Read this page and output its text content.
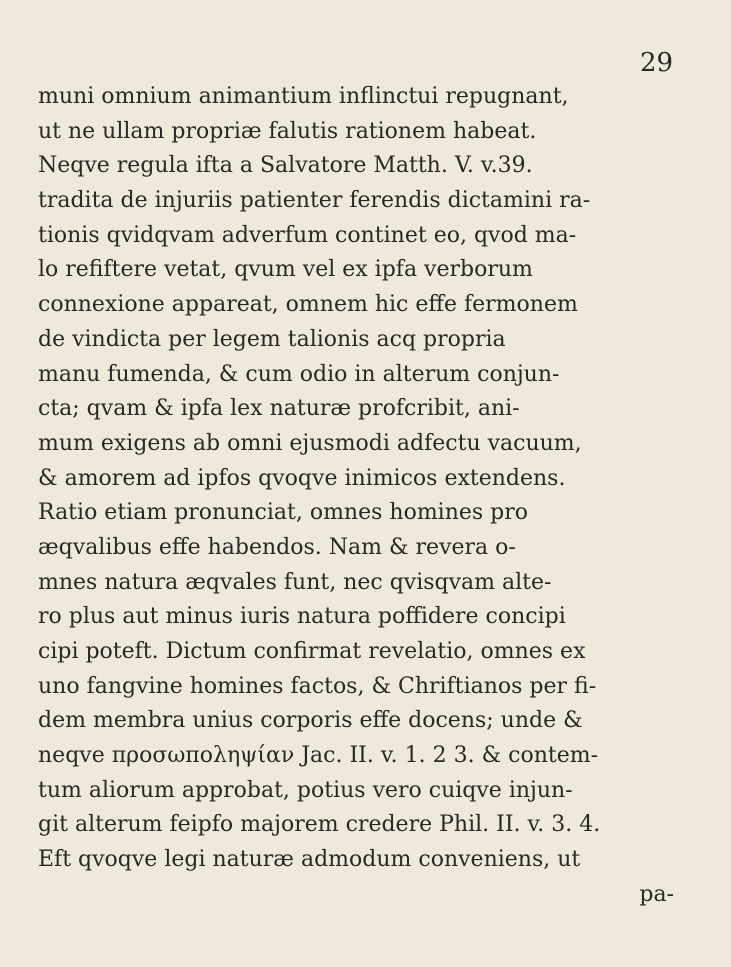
29
muni omnium animantium inflinctui repugnant,
ut ne ullam propriæ falutis rationem habeat.
Neqve regula ifta a Salvatore Matth. V. v.39.
tradita de injuriis patienter ferendis dictamini ra-
tionis qvidqvam adverfum continet eo, qvod ma-
lo refiftere vetat, qvum vel ex ipfa verborum
connexione appareat, omnem hic effe fermonem
de vindicta per legem talionis acq propria
manu fumenda, & cum odio in alterum conjun-
cta; qvam & ipfa lex naturæ profcribit, ani-
mum exigens ab omni ejusmodi adfectu vacuum,
& amorem ad ipfos qvoqve inimicos extendens.
Ratio etiam pronunciat, omnes homines pro
æqvalibus effe habendos. Nam & revera o-
mnes natura æqvales funt, nec qvisqvam alte-
ro plus aut minus iuris natura poffidere concipi
cipi poteft. Dictum confirmat revelatio, omnes ex
uno fangvine homines factos, & Chriftianos per fi-
dem membra unius corporis effe docens; unde &
neqve προσωποληψίαν Jac. II. v. 1. 2 3. & contem-
tum aliorum approbat, potius vero cuiqve injun-
git alterum feipfo majorem credere Phil. II. v. 3. 4.
Eft qvoqve legi naturæ admodum conveniens, ut
pa-
